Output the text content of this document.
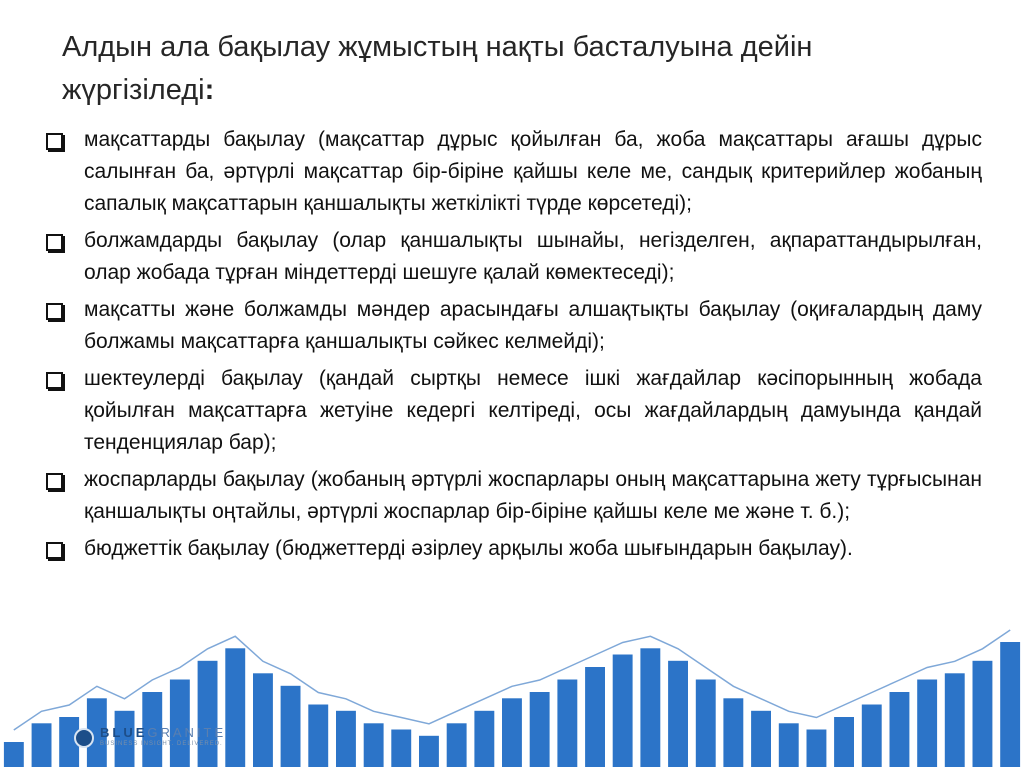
Алдын ала бақылау жұмыстың нақты басталуына дейін
жүргізіледі:
мақсаттарды бақылау (мақсаттар дұрыс қойылған ба, жоба мақсаттары ағашы дұрыс салынған ба, әртүрлі мақсаттар бір-біріне қайшы келе ме, сандық критерийлер жобаның сапалық мақсаттарын қаншалықты жеткілікті түрде көрсетеді);
болжамдарды бақылау (олар қаншалықты шынайы, негізделген, ақпараттандырылған, олар жобада тұрған міндеттерді шешуге қалай көмектеседі);
мақсатты және болжамды мәндер арасындағы алшақтықты бақылау (оқиғалардың даму болжамы мақсаттарға қаншалықты сәйкес келмейді);
шектеулерді бақылау (қандай сыртқы немесе ішкі жағдайлар кәсіпорынның жобада қойылған мақсаттарға жетуіне кедергі келтіреді, осы жағдайлардың дамуында қандай тенденциялар бар);
жоспарларды бақылау (жобаның әртүрлі жоспарлары оның мақсаттарына жету тұрғысынан қаншалықты оңтайлы, әртүрлі жоспарлар бір-біріне қайшы келе ме және т. б.);
бюджеттік бақылау (бюджеттерді әзірлеу арқылы жоба шығындарын бақылау).
BLUEGRANITE
BUSINESS INSIGHT. DELIVERED.
